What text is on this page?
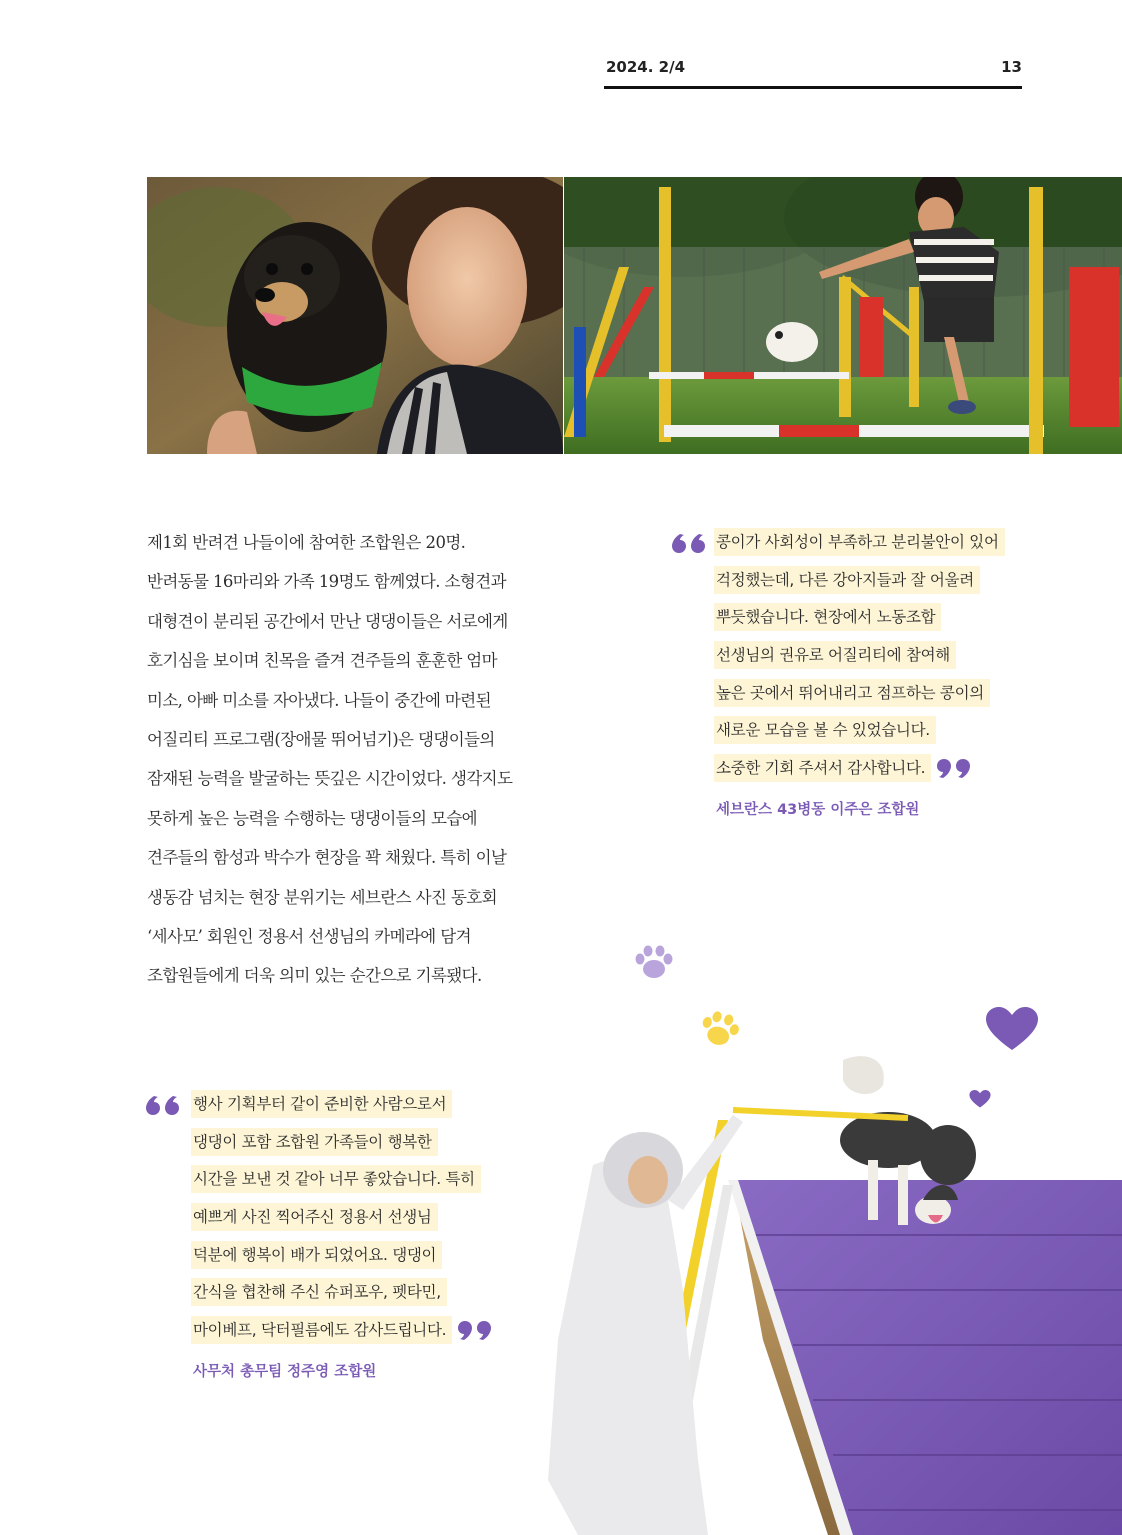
2024. 2/4	13
제1회 반려견 나들이에 참여한 조합원은 20명.
반려동물 16마리와 가족 19명도 함께였다. 소형견과
대형견이 분리된 공간에서 만난 댕댕이들은 서로에게
호기심을 보이며 친목을 즐겨 견주들의 훈훈한 엄마
미소, 아빠 미소를 자아냈다. 나들이 중간에 마련된
어질리티 프로그램(장애물 뛰어넘기)은 댕댕이들의
잠재된 능력을 발굴하는 뜻깊은 시간이었다. 생각지도
못하게 높은 능력을 수행하는 댕댕이들의 모습에
견주들의 함성과 박수가 현장을 꽉 채웠다. 특히 이날
생동감 넘치는 현장 분위기는 세브란스 사진 동호회
‘세사모’ 회원인 정용서 선생님의 카메라에 담겨
조합원들에게 더욱 의미 있는 순간으로 기록됐다.
콩이가 사회성이 부족하고 분리불안이 있어
걱정했는데, 다른 강아지들과 잘 어울려
뿌듯했습니다. 현장에서 노동조합
선생님의 권유로 어질리티에 참여해
높은 곳에서 뛰어내리고 점프하는 콩이의
새로운 모습을 볼 수 있었습니다.
소중한 기회 주셔서 감사합니다.
세브란스 43병동 이주은 조합원
행사 기획부터 같이 준비한 사람으로서
댕댕이 포함 조합원 가족들이 행복한
시간을 보낸 것 같아 너무 좋았습니다. 특히
예쁘게 사진 찍어주신 정용서 선생님
덕분에 행복이 배가 되었어요. 댕댕이
간식을 협찬해 주신 슈퍼포우, 펫타민,
마이베프, 닥터필름에도 감사드립니다.
사무처 총무팀 정주영 조합원
